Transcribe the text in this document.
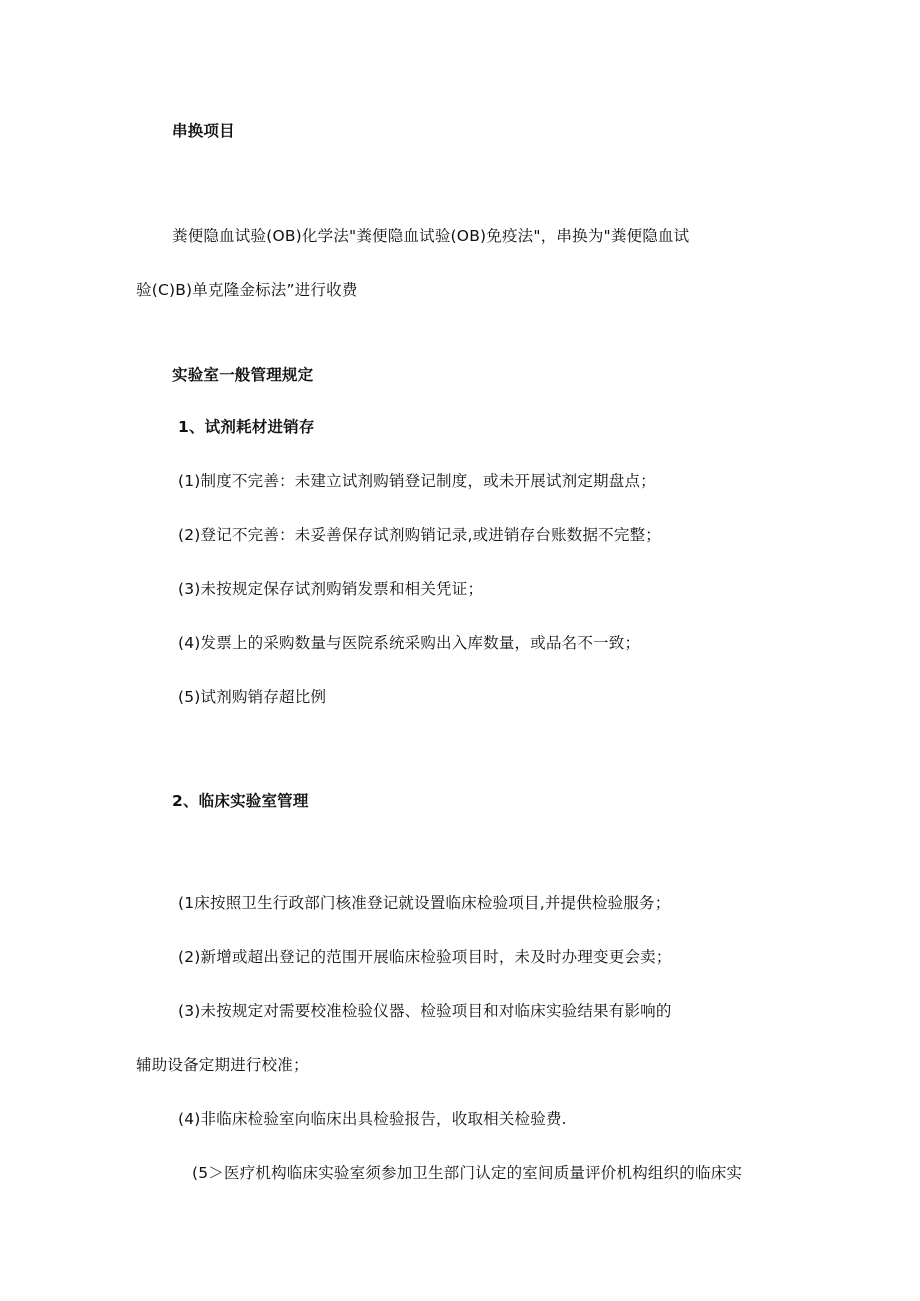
串换项目
粪便隐血试验(OB)化学法"粪便隐血试验(OB)免疫法"，串换为"粪便隐血试
验(C)B)单克隆金标法”进行收费
实验室一般管理规定
1、试剂耗材进销存
(1)制度不完善：未建立试剂购销登记制度，或未开展试剂定期盘点；
(2)登记不完善：未妥善保存试剂购销记录,或进销存台账数据不完整；
(3)未按规定保存试剂购销发票和相关凭证；
(4)发票上的采购数量与医院系统采购出入库数量，或品名不一致；
(5)试剂购销存超比例
2、临床实验室管理
(1床按照卫生行政部门核准登记就设置临床检验项目,并提供检验服务；
(2)新增或超出登记的范围开展临床检验项目时，未及时办理变更会卖；
(3)未按规定对需要校准检验仪器、检验项目和对临床实验结果有影响的
辅助设备定期进行校准；
(4)非临床检验室向临床出具检验报告，收取相关检验费.
(5＞医疗机构临床实验室须参加卫生部门认定的室间质量评价机构组织的临床实
